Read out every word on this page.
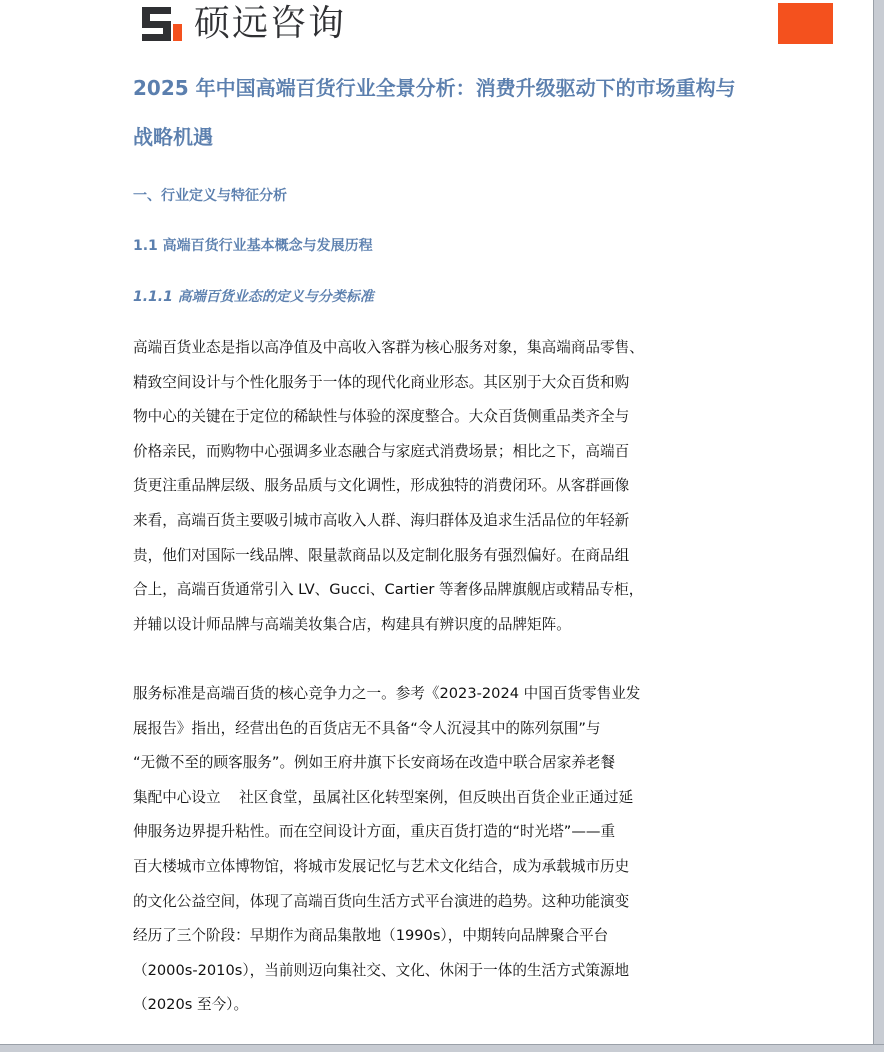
硕远咨询
2025 年中国高端百货行业全景分析：消费升级驱动下的市场重构与战略机遇
一、行业定义与特征分析
1.1 高端百货行业基本概念与发展历程
1.1.1 高端百货业态的定义与分类标准
高端百货业态是指以高净值及中高收入客群为核心服务对象，集高端商品零售、
精致空间设计与个性化服务于一体的现代化商业形态。其区别于大众百货和购
物中心的关键在于定位的稀缺性与体验的深度整合。大众百货侧重品类齐全与
价格亲民，而购物中心强调多业态融合与家庭式消费场景；相比之下，高端百
货更注重品牌层级、服务品质与文化调性，形成独特的消费闭环。从客群画像
来看，高端百货主要吸引城市高收入人群、海归群体及追求生活品位的年轻新
贵，他们对国际一线品牌、限量款商品以及定制化服务有强烈偏好。在商品组
合上，高端百货通常引入 LV、Gucci、Cartier 等奢侈品牌旗舰店或精品专柜，
并辅以设计师品牌与高端美妆集合店，构建具有辨识度的品牌矩阵。
服务标准是高端百货的核心竞争力之一。参考《2023-2024 中国百货零售业发
展报告》指出，经营出色的百货店无不具备“令人沉浸其中的陈列氛围”与
“无微不至的顾客服务”。例如王府井旗下长安商场在改造中联合居家养老餐
集配中心设立    社区食堂，虽属社区化转型案例，但反映出百货企业正通过延
伸服务边界提升粘性。而在空间设计方面，重庆百货打造的“时光塔”——重
百大楼城市立体博物馆，将城市发展记忆与艺术文化结合，成为承载城市历史
的文化公益空间，体现了高端百货向生活方式平台演进的趋势。这种功能演变
经历了三个阶段：早期作为商品集散地（1990s），中期转向品牌聚合平台
（2000s-2010s），当前则迈向集社交、文化、休闲于一体的生活方式策源地
（2020s 至今）。
